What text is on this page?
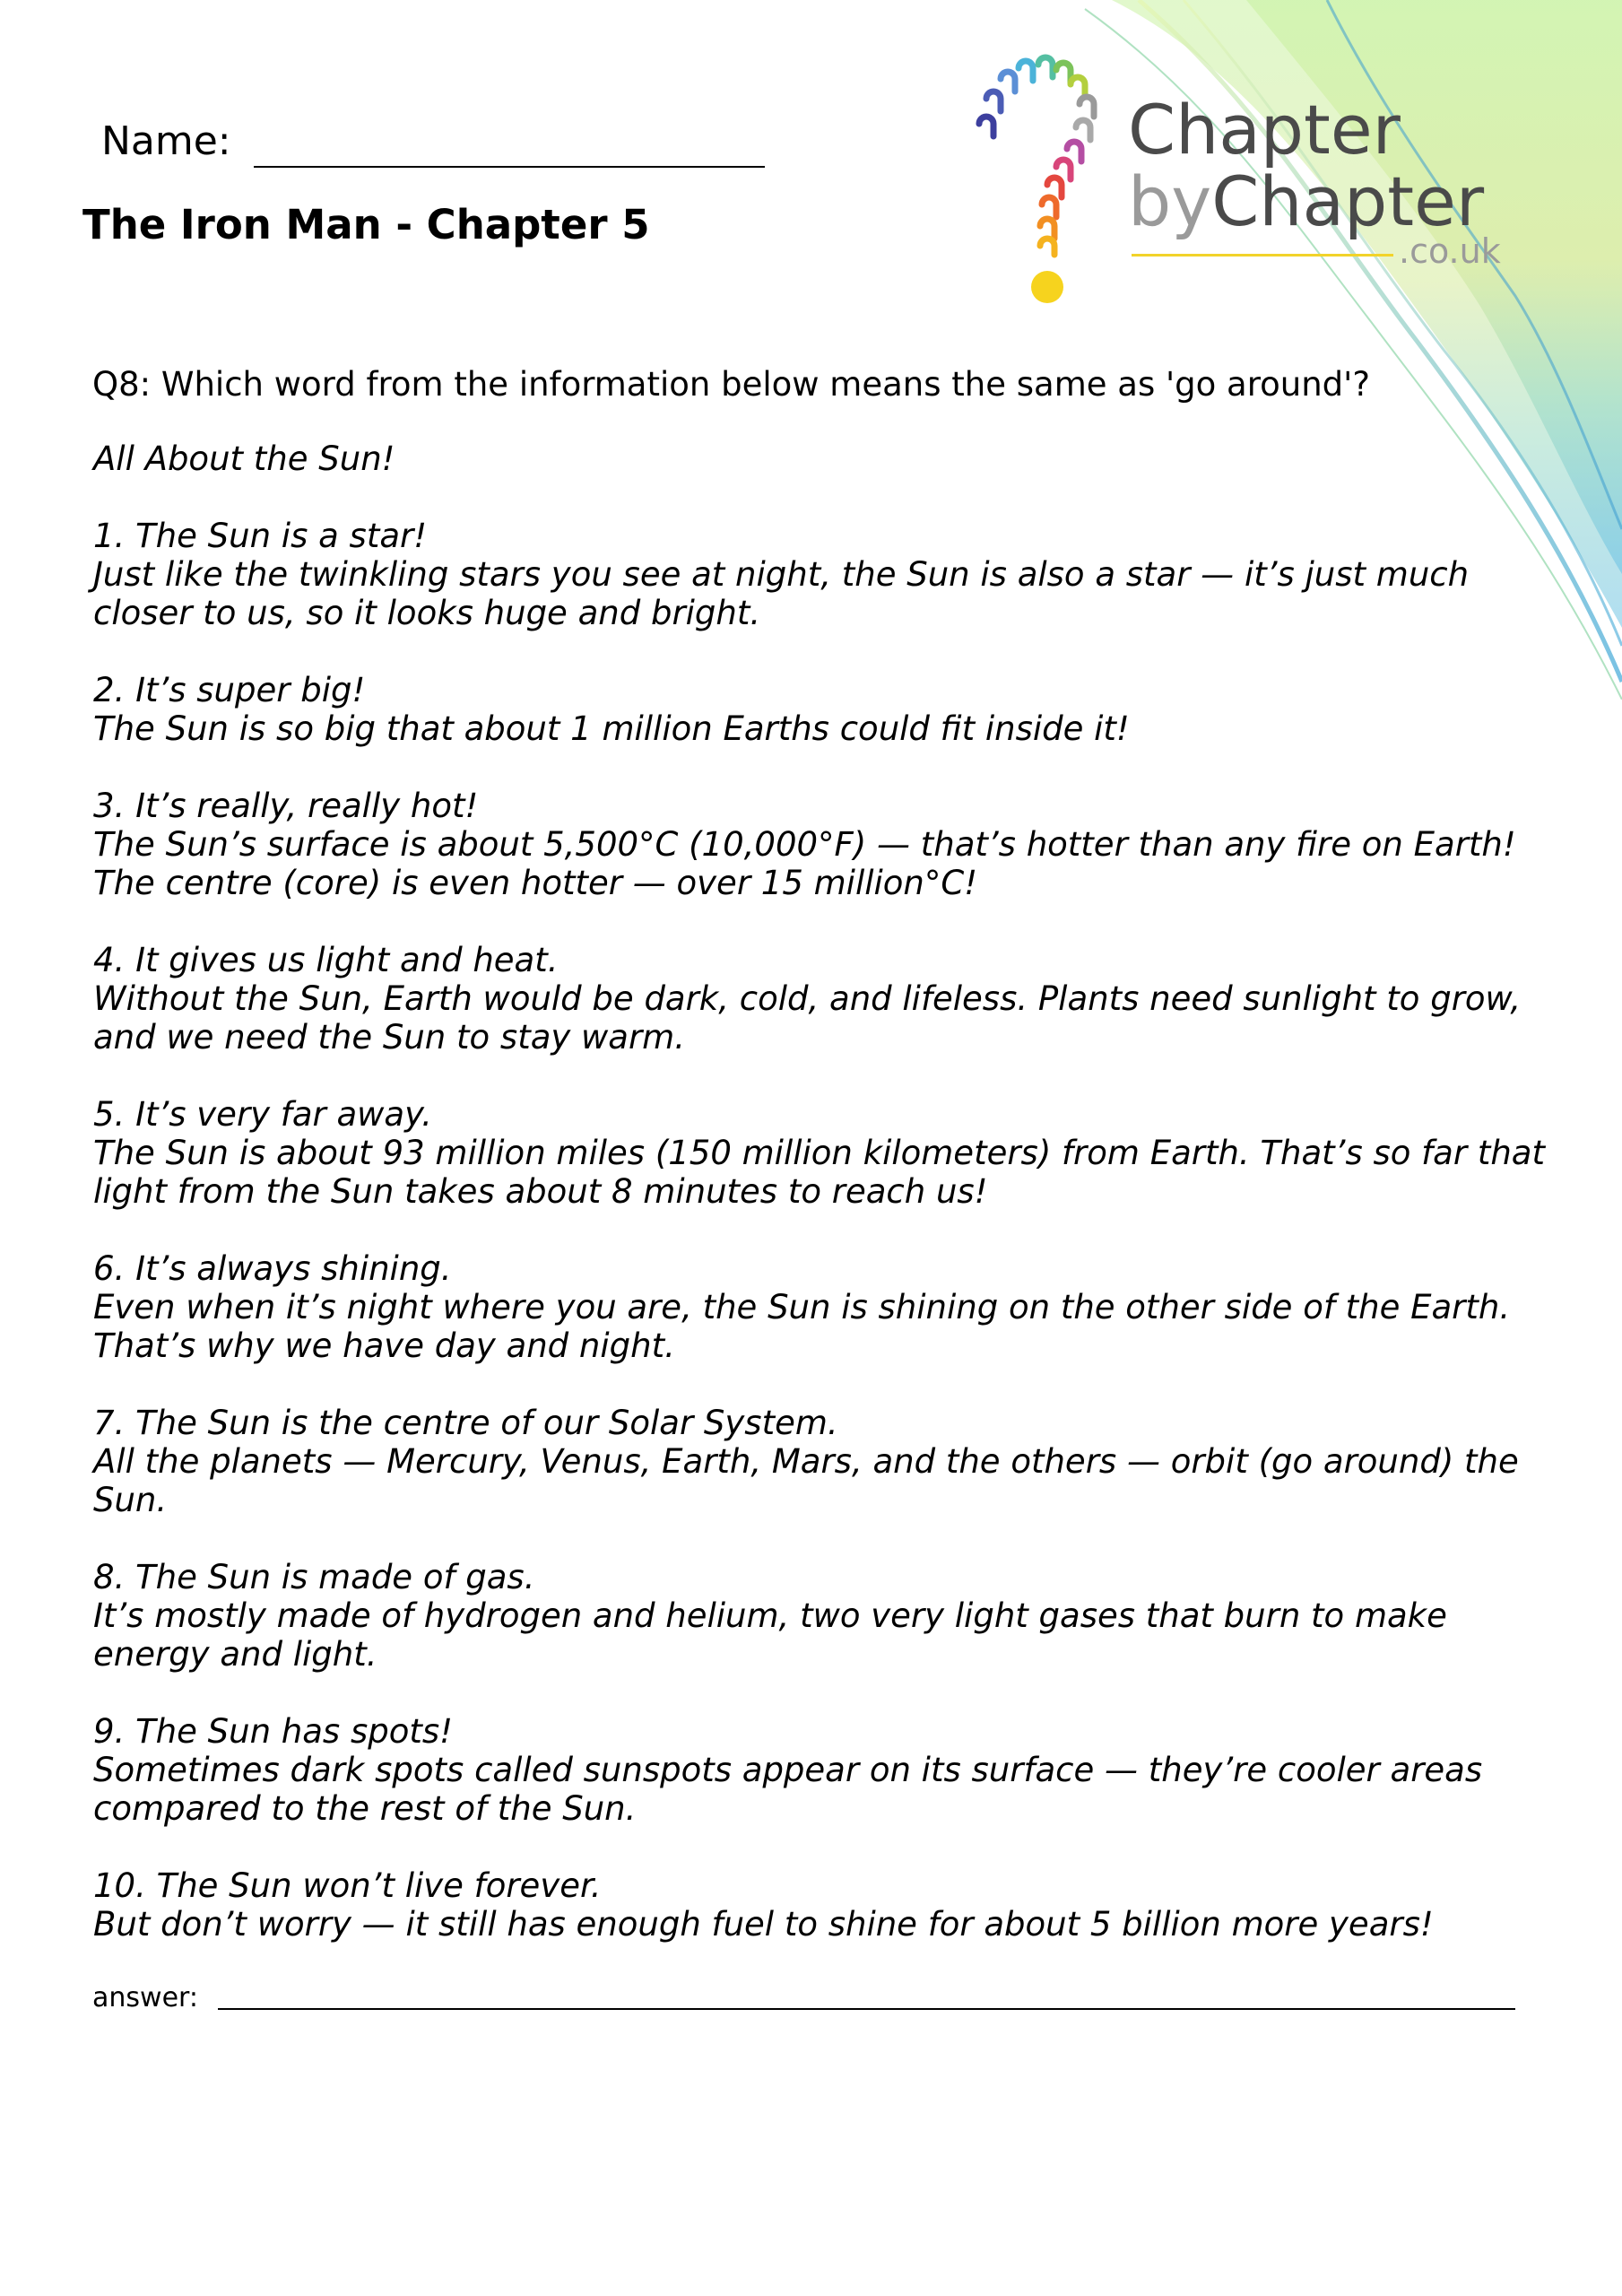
Name:
The Iron Man - Chapter 5
Chapter
byChapter
.co.uk
Q8: Which word from the information below means the same as 'go around'?

All About the Sun!

1. The Sun is a star!

Just like the twinkling stars you see at night, the Sun is also a star — it’s just much closer to us, so it looks huge and bright.

2. It’s super big!

The Sun is so big that about 1 million Earths could fit inside it!

3. It’s really, really hot!

The Sun’s surface is about 5,500°C (10,000°F) — that’s hotter than any fire on Earth! The centre (core) is even hotter — over 15 million°C!

4. It gives us light and heat.

Without the Sun, Earth would be dark, cold, and lifeless. Plants need sunlight to grow, and we need the Sun to stay warm.

5. It’s very far away.

The Sun is about 93 million miles (150 million kilometers) from Earth. That’s so far that light from the Sun takes about 8 minutes to reach us!

6. It’s always shining.

Even when it’s night where you are, the Sun is shining on the other side of the Earth. That’s why we have day and night.

7. The Sun is the centre of our Solar System.

All the planets — Mercury, Venus, Earth, Mars, and the others — orbit (go around) the Sun.

8. The Sun is made of gas.

It’s mostly made of hydrogen and helium, two very light gases that burn to make energy and light.

9. The Sun has spots!

Sometimes dark spots called sunspots appear on its surface — they’re cooler areas compared to the rest of the Sun.

10. The Sun won’t live forever.

But don’t worry — it still has enough fuel to shine for about 5 billion more years!

answer:
